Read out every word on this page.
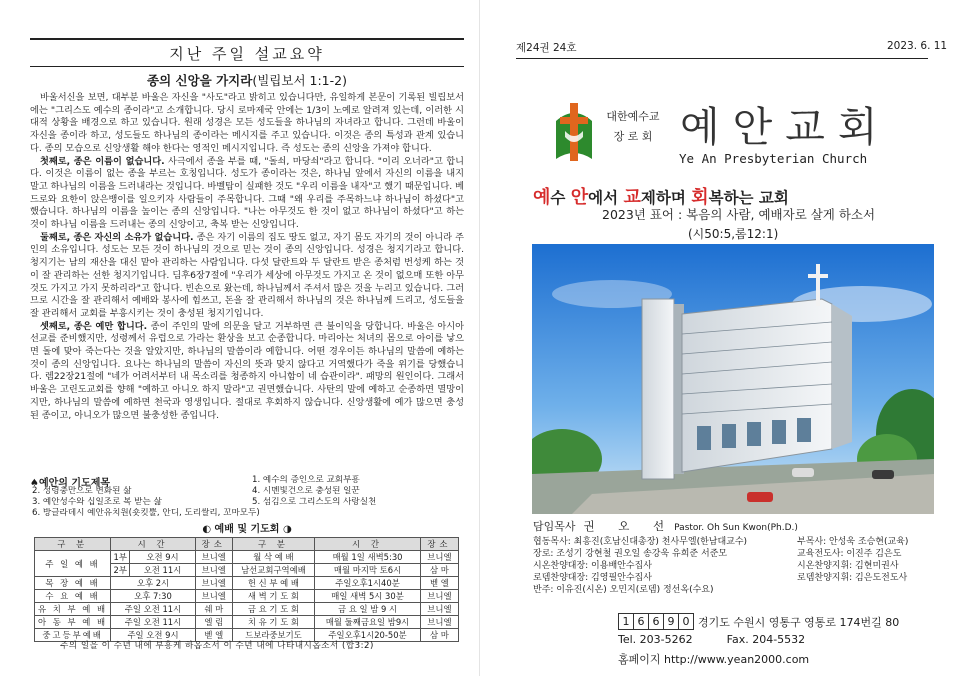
지난 주일 설교요약
종의 신앙을 가지라(빌립보서 1:1-2)

바울서신을 보면, 대부분 바울은 자신을 "사도"라고 밝히고 있습니다만, 유일하게 본문이 기록된 빌립보서에는 "그리스도 예수의 종이라"고 소개합니다. 당시 로마제국 안에는 1/3이 노예로 알려져 있는데, 이러한 시대적 상황을 배경으로 하고 있습니다. 원래 성경은 모든 성도들을 하나님의 자녀라고 합니다. 그런데 바울이 자신을 종이라 하고, 성도들도 하나님의 종이라는 메시지를 주고 있습니다. 이것은 종의 특성과 관계 있습니다. 종의 모습으로 신앙생활 해야 한다는 영적인 메시지입니다. 즉 성도는 종의 신앙을 가져야 합니다.

첫째로, 종은 이름이 없습니다. 사극에서 종을 부를 때, "돌쇠, 마당쇠"라고 합니다. "이리 오너라"고 합니다. 이것은 이름이 없는 종을 부르는 호칭입니다. 성도가 종이라는 것은, 하나님 앞에서 자신의 이름을 내지 말고 하나님의 이름을 드러내라는 것입니다. 바벨탑이 실패한 것도 "우리 이름을 내자"고 했기 때문입니다. 베드로와 요한이 앉은뱅이를 일으키자 사람들이 주목합니다. 그때 "왜 우리를 주목하느냐 하나님이 하셨다"고 했습니다. 하나님의 이름을 높이는 종의 신앙입니다. "나는 아무것도 한 것이 없고 하나님이 하셨다"고 하는 것이 하나님 이름을 드러내는 종의 신앙이고, 축복 받는 신앙입니다.

둘째로, 종은 자신의 소유가 없습니다. 종은 자기 이름의 집도 땅도 없고, 자기 몸도 자기의 것이 아니라 주인의 소유입니다. 성도는 모든 것이 하나님의 것으로 믿는 것이 종의 신앙입니다. 성경은 청지기라고 합니다. 청지기는 남의 재산을 대신 맡아 관리하는 사람입니다. 다섯 달란트와 두 달란트 받은 종처럼 번성케 하는 것이 잘 관리하는 선한 청지기입니다. 딤후6장7절에 "우리가 세상에 아무것도 가지고 온 것이 없으매 또한 아무것도 가지고 가지 못하리라"고 합니다. 빈손으로 왔는데, 하나님께서 주셔서 많은 것을 누리고 있습니다. 그러므로 시간을 잘 관리해서 예배와 봉사에 힘쓰고, 돈을 잘 관리해서 하나님의 것은 하나님께 드리고, 성도들을 잘 관리해서 교회를 부흥시키는 것이 충성된 청지기입니다.

셋째로, 종은 예만 합니다. 종이 주인의 말에 의문을 달고 거부하면 큰 불이익을 당합니다. 바울은 아시아 선교를 준비했지만, 성령께서 유럽으로 가라는 환상을 보고 순종합니다. 마리아는 처녀의 몸으로 아이를 낳으면 돌에 맞아 죽는다는 것을 알았지만, 하나님의 말씀이라 예합니다. 어떤 경우이든 하나님의 말씀에 예하는 것이 종의 신앙입니다. 요나는 하나님의 말씀이 자신의 뜻과 맞지 않다고 거역했다가 죽을 위기를 당했습니다. 렘22장21절에 "네가 어려서부터 내 목소리를 청종하지 아니함이 네 습관이라". 패망의 원인이다. 그래서 바울은 고린도교회를 향해 "예하고 아니오 하지 말라"고 권면했습니다. 사탄의 말에 예하고 순종하면 멸망이지만, 하나님의 말씀에 예하면 천국과 영생입니다. 절대로 후회하지 않습니다. 신앙생활에 예가 많으면 충성된 종이고, 아니오가 많으면 불충성한 종입니다.

♠예안의 기도제목
2. 성령충만으로 변화된 삶
3. 예안성수와 십일조로 복 받는 삶
6. 방글라데시 예안유치원(숏킷뿔, 안디, 도리쌀리, 꼬마모두)
1. 예수의 증인으로 교회부흥
4. 시멘빛건으로 충성된 일꾼
5. 섬김으로 그리스도의 사랑실천
◐ 예배 및 기도회 ◑
구 분	시 간		장소	구 분	시 간	장소
주 일 예 배	1부	오전 9시	브니엘	월 삭 예 배	매월 1일 새벽5:30	브니엘
	2부	오전 11시	브니엘	남선교회구역예배	매월 마지막 토6시	삼 마
목 장 예 배	오후 2시		브니엘	헌 신 부 예 배	주일오후1시40분	벧 엘
수 요 예 배	오후 7:30		브니엘	새 벽 기 도 회	매일 새벽 5시 30분	브니엘
유 치 부 예 배	주일 오전 11시		쉐 마	금 요 기 도 회	금 요 일 밤 9 시	브니엘
아 동 부 예 배	주일 오전 11시		엘 림	치 유 기 도 회	매월 둘째금요일 밤9시	브니엘
중고등부예배	주일 오전 9시		벧 엘	드보라중보기도	주일오후1시20-50분	삼 마
주의 일을 이 수년 내에 부흥케 하옵소서 이 수년 내에 나타내시옵소서 (합3:2)
제24권 24호	2023. 6. 11
대한예수교
장 로 회 예안교회
Ye An Presbyterian Church
예수 안에서 교제하며 회복하는 교회
2023년 표어 : 복음의 사람, 예배자로 살게 하소서
(시50:5,롬12:1)
담임목사 권 오 선Pastor. Oh Sun Kwon(Ph.D.)
협동목사: 최흥진(호남신대총장) 천사무엘(한남대교수)
장로: 조성기 강현철 권오일 송강욱 유희준 서준모
시온찬양대장: 이용배안수집사
로뎀찬양대장: 김영필안수집사
반주: 이유진(시온) 오민지(로뎀) 정선옥(수요)
부목사: 안성욱 조승현(교육)
교육전도사: 이진주 김은도
시온찬양지휘: 김현미권사
로뎀찬양지휘: 김은도전도사
1 6 6 9 0 경기도 수원시 영통구 영통로 174번길 80
Tel. 203-5262	Fax. 204-5532
홈페이지 http://www.yean2000.com
